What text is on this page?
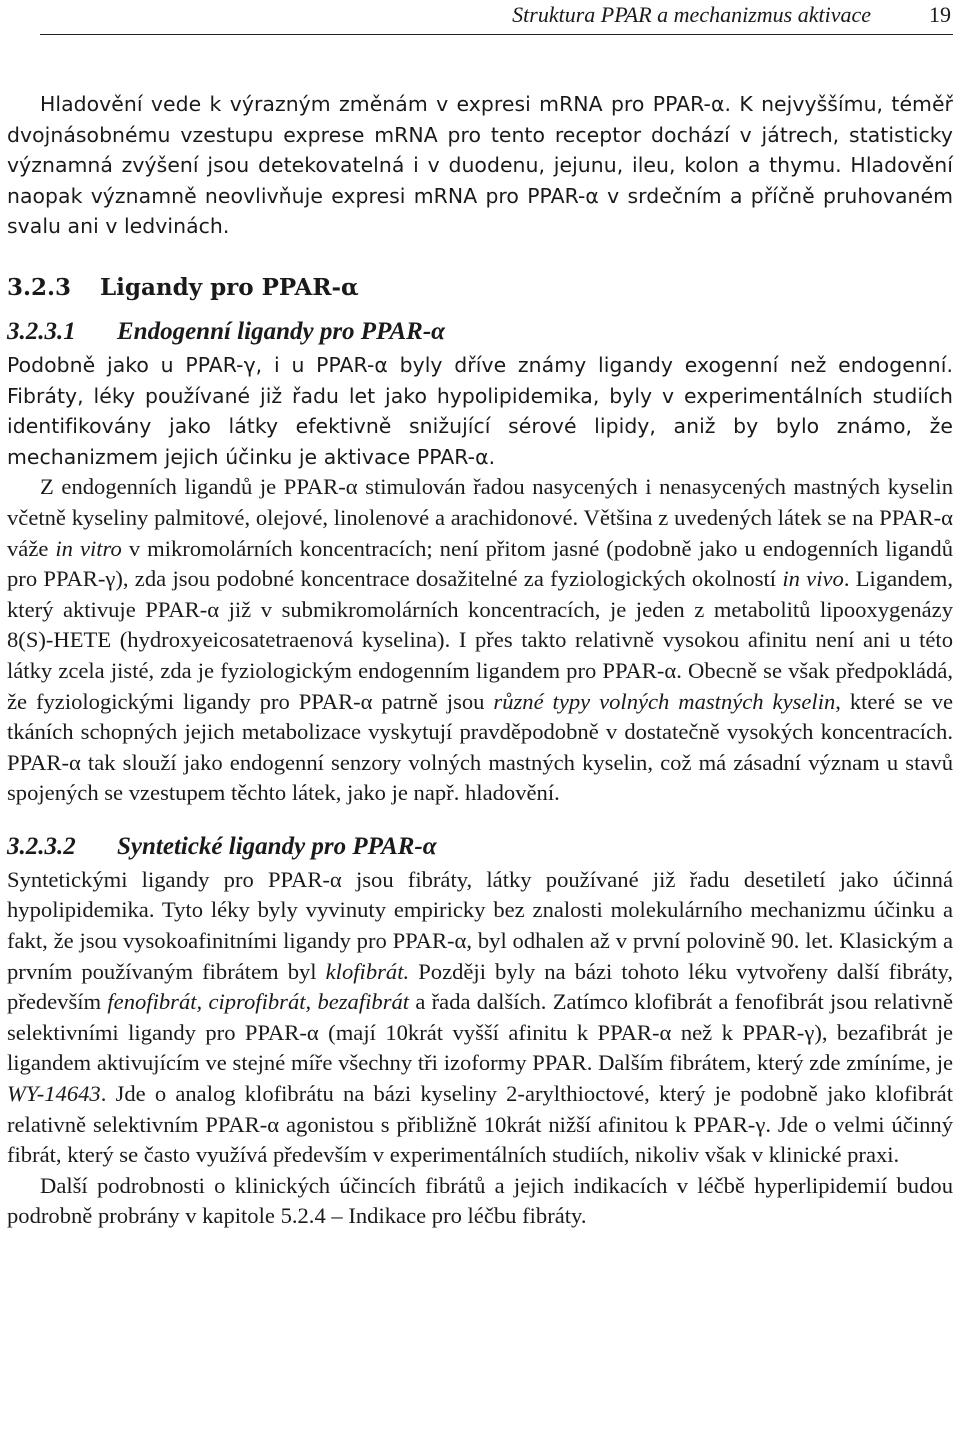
Struktura PPAR a mechanizmus aktivace	19

Hladovění vede k výrazným změnám v expresi mRNA pro PPAR-α. K nejvyššímu, téměř dvojnásobnému vzestupu exprese mRNA pro tento receptor dochází v játrech, statisticky významná zvýšení jsou detekovatelná i v duodenu, jejunu, ileu, kolon a thymu. Hladovění naopak významně neovlivňuje expresi mRNA pro PPAR-α v srdečním a příčně pruhovaném svalu ani v ledvinách.

3.2.3 Ligandy pro PPAR-α
3.2.3.1 Endogenní ligandy pro PPAR-α

Podobně jako u PPAR-γ, i u PPAR-α byly dříve známy ligandy exogenní než endogenní. Fibráty, léky používané již řadu let jako hypolipidemika, byly v experimentálních studiích identifikovány jako látky efektivně snižující sérové lipidy, aniž by bylo známo, že mechanizmem jejich účinku je aktivace PPAR-α.

Z endogenních ligandů je PPAR-α stimulován řadou nasycených i nenasycených mastných kyselin včetně kyseliny palmitové, olejové, linolenové a arachidonové. Většina z uvedených látek se na PPAR-α váže in vitro v mikromolárních koncentracích; není přitom jasné (podobně jako u endogenních ligandů pro PPAR-γ), zda jsou podobné koncentrace dosažitelné za fyziologických okolností in vivo. Ligandem, který aktivuje PPAR-α již v submikromolárních koncentracích, je jeden z metabolitů lipooxygenázy 8(S)-HETE (hydroxyeicosatetraenová kyselina). I přes takto relativně vysokou afinitu není ani u této látky zcela jisté, zda je fyziologickým endogenním ligandem pro PPAR-α. Obecně se však předpokládá, že fyziologickými ligandy pro PPAR-α patrně jsou různé typy volných mastných kyselin, které se ve tkáních schopných jejich metabolizace vyskytují pravděpodobně v dostatečně vysokých koncentracích. PPAR-α tak slouží jako endogenní senzory volných mastných kyselin, což má zásadní význam u stavů spojených se vzestupem těchto látek, jako je např. hladovění.

3.2.3.2 Syntetické ligandy pro PPAR-α

Syntetickými ligandy pro PPAR-α jsou fibráty, látky používané již řadu desetiletí jako účinná hypolipidemika. Tyto léky byly vyvinuty empiricky bez znalosti molekulárního mechanizmu účinku a fakt, že jsou vysokoafinitními ligandy pro PPAR-α, byl odhalen až v první polovině 90. let. Klasickým a prvním používaným fibrátem byl klofibrát. Později byly na bázi tohoto léku vytvořeny další fibráty, především fenofibrát, ciprofibrát, bezafibrát a řada dalších. Zatímco klofibrát a fenofibrát jsou relativně selektivními ligandy pro PPAR-α (mají 10krát vyšší afinitu k PPAR-α než k PPAR-γ), bezafibrát je ligandem aktivujícím ve stejné míře všechny tři izoformy PPAR. Dalším fibrátem, který zde zmíníme, je WY-14643. Jde o analog klofibrátu na bázi kyseliny 2-arylthioctové, který je podobně jako klofibrát relativně selektivním PPAR-α agonistou s přibližně 10krát nižší afinitou k PPAR-γ. Jde o velmi účinný fibrát, který se často využívá především v experimentálních studiích, nikoliv však v klinické praxi.

Další podrobnosti o klinických účincích fibrátů a jejich indikacích v léčbě hyperlipidemií budou podrobně probrány v kapitole 5.2.4 – Indikace pro léčbu fibráty.
